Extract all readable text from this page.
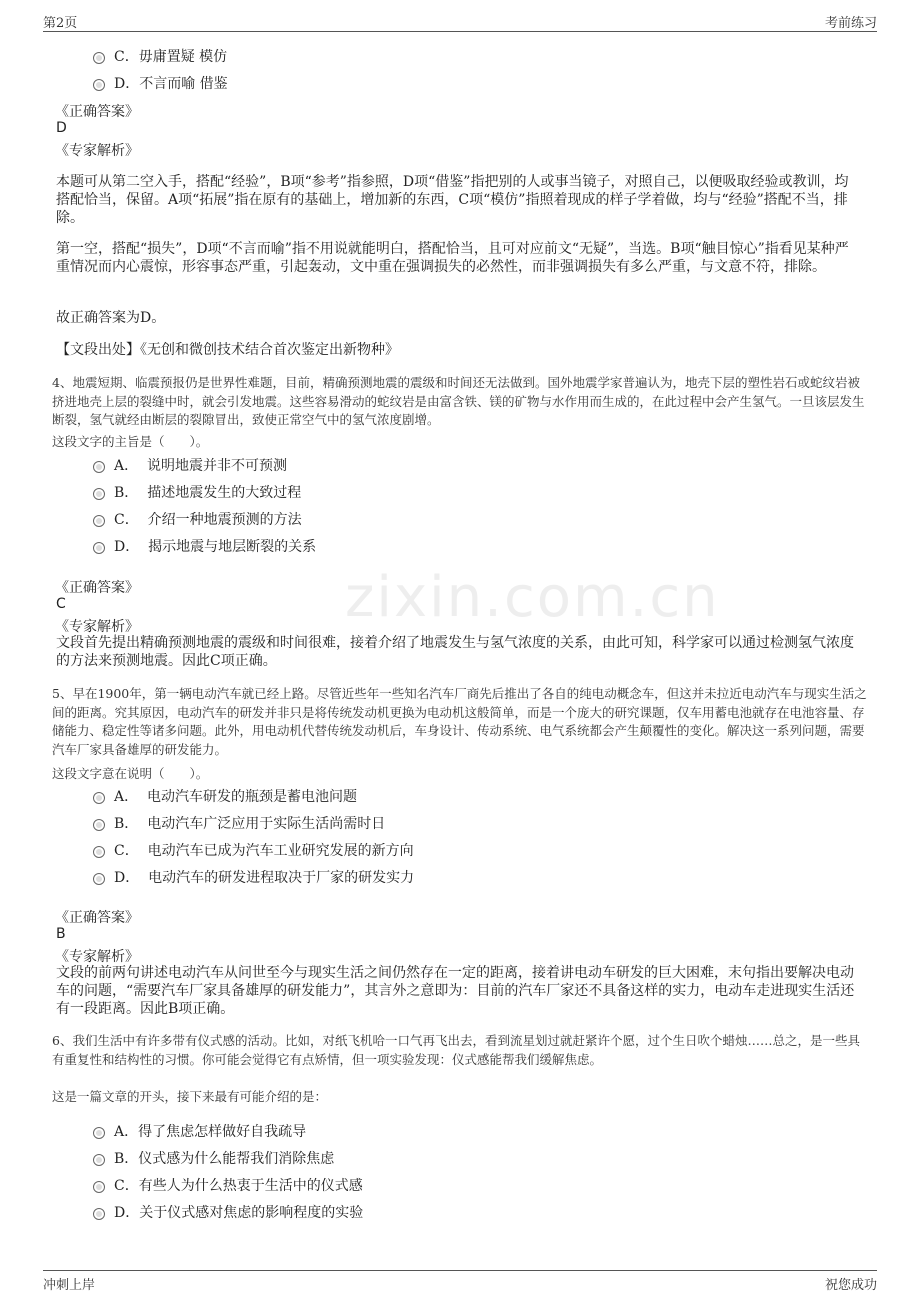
第2页	考前练习
zixin.com.cn
C．毋庸置疑 模仿
D．不言而喻 借鉴
《正确答案》
D
《专家解析》
本题可从第二空入手，搭配“经验”，B项“参考”指参照，D项“借鉴”指把别的人或事当镜子，对照自己，以便吸取经验或教训，均搭配恰当，保留。A项“拓展”指在原有的基础上，增加新的东西，C项“模仿”指照着现成的样子学着做，均与“经验”搭配不当，排除。
第一空，搭配“损失”，D项“不言而喻”指不用说就能明白，搭配恰当，且可对应前文“无疑”，当选。B项“触目惊心”指看见某种严重情况而内心震惊，形容事态严重，引起轰动，文中重在强调损失的必然性，而非强调损失有多么严重，与文意不符，排除。
故正确答案为D。
【文段出处】《无创和微创技术结合首次鉴定出新物种》
4、地震短期、临震预报仍是世界性难题，目前，精确预测地震的震级和时间还无法做到。国外地震学家普遍认为，地壳下层的塑性岩石或蛇纹岩被挤进地壳上层的裂缝中时，就会引发地震。这些容易滑动的蛇纹岩是由富含铁、镁的矿物与水作用而生成的，在此过程中会产生氢气。一旦该层发生断裂，氢气就经由断层的裂隙冒出，致使正常空气中的氢气浓度剧增。
这段文字的主旨是（　　）。
A． 说明地震并非不可预测
B． 描述地震发生的大致过程
C． 介绍一种地震预测的方法
D． 揭示地震与地层断裂的关系
《正确答案》
C
《专家解析》
文段首先提出精确预测地震的震级和时间很难，接着介绍了地震发生与氢气浓度的关系，由此可知，科学家可以通过检测氢气浓度的方法来预测地震。因此C项正确。
5、早在1900年，第一辆电动汽车就已经上路。尽管近些年一些知名汽车厂商先后推出了各自的纯电动概念车，但这并未拉近电动汽车与现实生活之间的距离。究其原因，电动汽车的研发并非只是将传统发动机更换为电动机这般简单，而是一个庞大的研究课题，仅车用蓄电池就存在电池容量、存储能力、稳定性等诸多问题。此外，用电动机代替传统发动机后，车身设计、传动系统、电气系统都会产生颠覆性的变化。解决这一系列问题，需要汽车厂家具备雄厚的研发能力。
这段文字意在说明（　　）。
A． 电动汽车研发的瓶颈是蓄电池问题
B． 电动汽车广泛应用于实际生活尚需时日
C． 电动汽车已成为汽车工业研究发展的新方向
D． 电动汽车的研发进程取决于厂家的研发实力
《正确答案》
B
《专家解析》
文段的前两句讲述电动汽车从问世至今与现实生活之间仍然存在一定的距离，接着讲电动车研发的巨大困难，末句指出要解决电动车的问题，“需要汽车厂家具备雄厚的研发能力”，其言外之意即为：目前的汽车厂家还不具备这样的实力，电动车走进现实生活还有一段距离。因此B项正确。
6、我们生活中有许多带有仪式感的活动。比如，对纸飞机哈一口气再飞出去，看到流星划过就赶紧许个愿，过个生日吹个蜡烛……总之，是一些具有重复性和结构性的习惯。你可能会觉得它有点矫情，但一项实验发现：仪式感能帮我们缓解焦虑。
这是一篇文章的开头，接下来最有可能介绍的是：
A．得了焦虑怎样做好自我疏导
B．仪式感为什么能帮我们消除焦虑
C．有些人为什么热衷于生活中的仪式感
D．关于仪式感对焦虑的影响程度的实验
冲刺上岸	祝您成功
